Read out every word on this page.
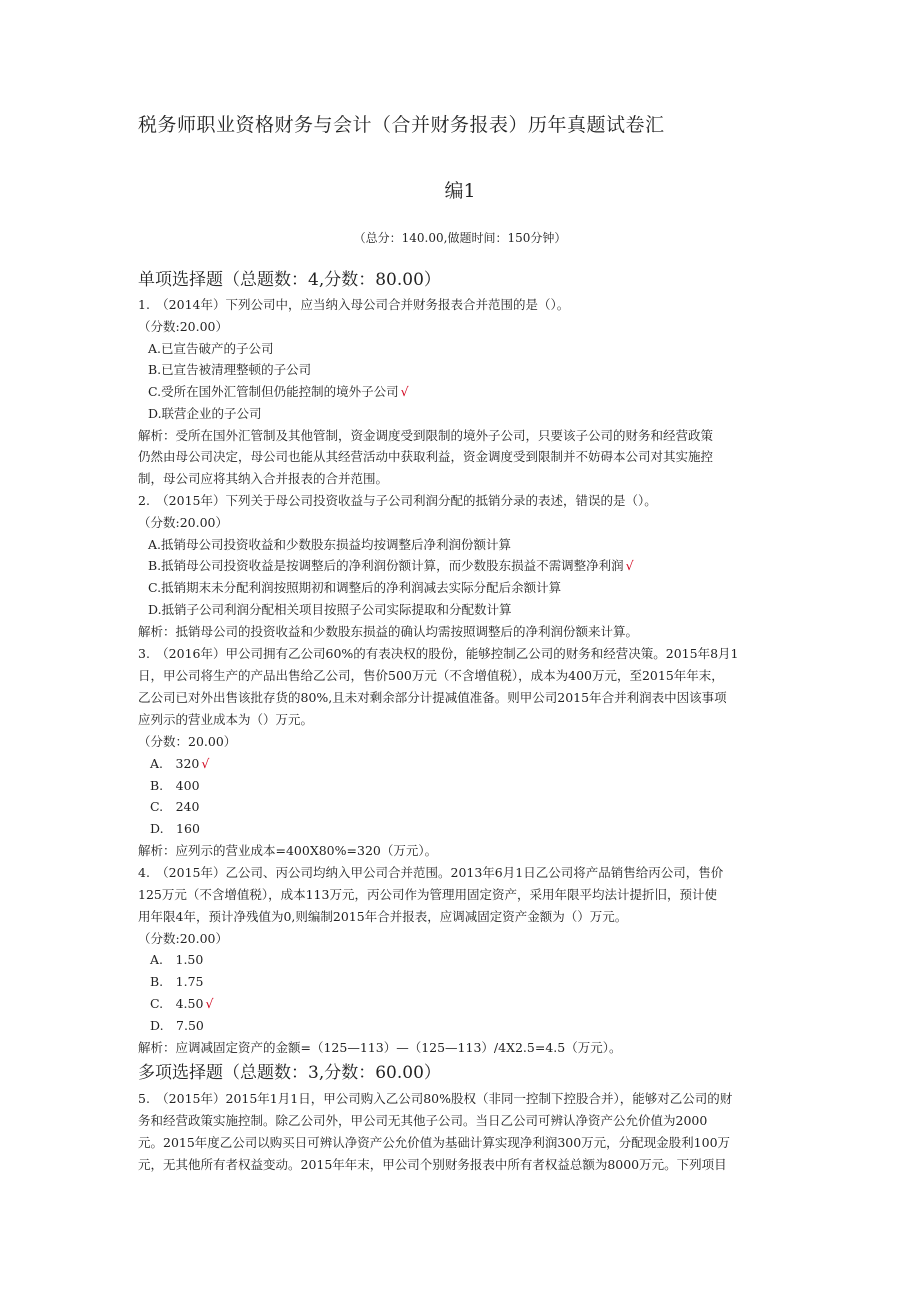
税务师职业资格财务与会计（合并财务报表）历年真题试卷汇
编1
（总分：140.00,做题时间：150分钟）
单项选择题（总题数：4,分数：80.00）
1.　（2014年）下列公司中，应当纳入母公司合并财务报表合并范围的是（）。
（分数:20.00）
A.已宣告破产的子公司
B.已宣告被清理整顿的子公司
C.受所在国外汇管制但仍能控制的境外子公司 √
D.联营企业的子公司
解析：受所在国外汇管制及其他管制，资金调度受到限制的境外子公司，只要该子公司的财务和经营政策
仍然由母公司决定，母公司也能从其经营活动中获取利益，资金调度受到限制并不妨碍本公司对其实施控
制，母公司应将其纳入合并报表的合并范围。
2.　（2015年）下列关于母公司投资收益与子公司利润分配的抵销分录的表述，错误的是（）。
（分数:20.00）
A.抵销母公司投资收益和少数股东损益均按调整后净利润份额计算
B.抵销母公司投资收益是按调整后的净利润份额计算，而少数股东损益不需调整净利润 √
C.抵销期末未分配利润按照期初和调整后的净利润减去实际分配后余额计算
D.抵销子公司利润分配相关项目按照子公司实际提取和分配数计算
解析：抵销母公司的投资收益和少数股东损益的确认均需按照调整后的净利润份额来计算。
3.　（2016年）甲公司拥有乙公司60%的有表决权的股份，能够控制乙公司的财务和经营决策。2015年8月1
日，甲公司将生产的产品出售给乙公司，售价500万元（不含增值税），成本为400万元，至2015年年末，
乙公司已对外出售该批存货的80%,且未对剩余部分计提减值准备。则甲公司2015年合并利润表中因该事项
应列示的营业成本为（）万元。
（分数：20.00）
A.　320 √
B.　400
C.　240
D.　160
解析：应列示的营业成本=400X80%=320（万元）。
4.　（2015年）乙公司、丙公司均纳入甲公司合并范围。2013年6月1日乙公司将产品销售给丙公司，售价
125万元（不含增值税），成本113万元，丙公司作为管理用固定资产，采用年限平均法计提折旧，预计使
用年限4年，预计净残值为0,则编制2015年合并报表，应调减固定资产金额为（）万元。
（分数:20.00）
A.　1.50
B.　1.75
C.　4.50 √
D.　7.50
解析：应调减固定资产的金额=（125—113）—（125—113）/4X2.5=4.5（万元）。
多项选择题（总题数：3,分数：60.00）
5.　（2015年）2015年1月1日，甲公司购入乙公司80%股权（非同一控制下控股合并），能够对乙公司的财
务和经营政策实施控制。除乙公司外，甲公司无其他子公司。当日乙公司可辨认净资产公允价值为2000
元。2015年度乙公司以购买日可辨认净资产公允价值为基础计算实现净利润300万元，分配现金股利100万
元，无其他所有者权益变动。2015年年末，甲公司个别财务报表中所有者权益总额为8000万元。下列项目
